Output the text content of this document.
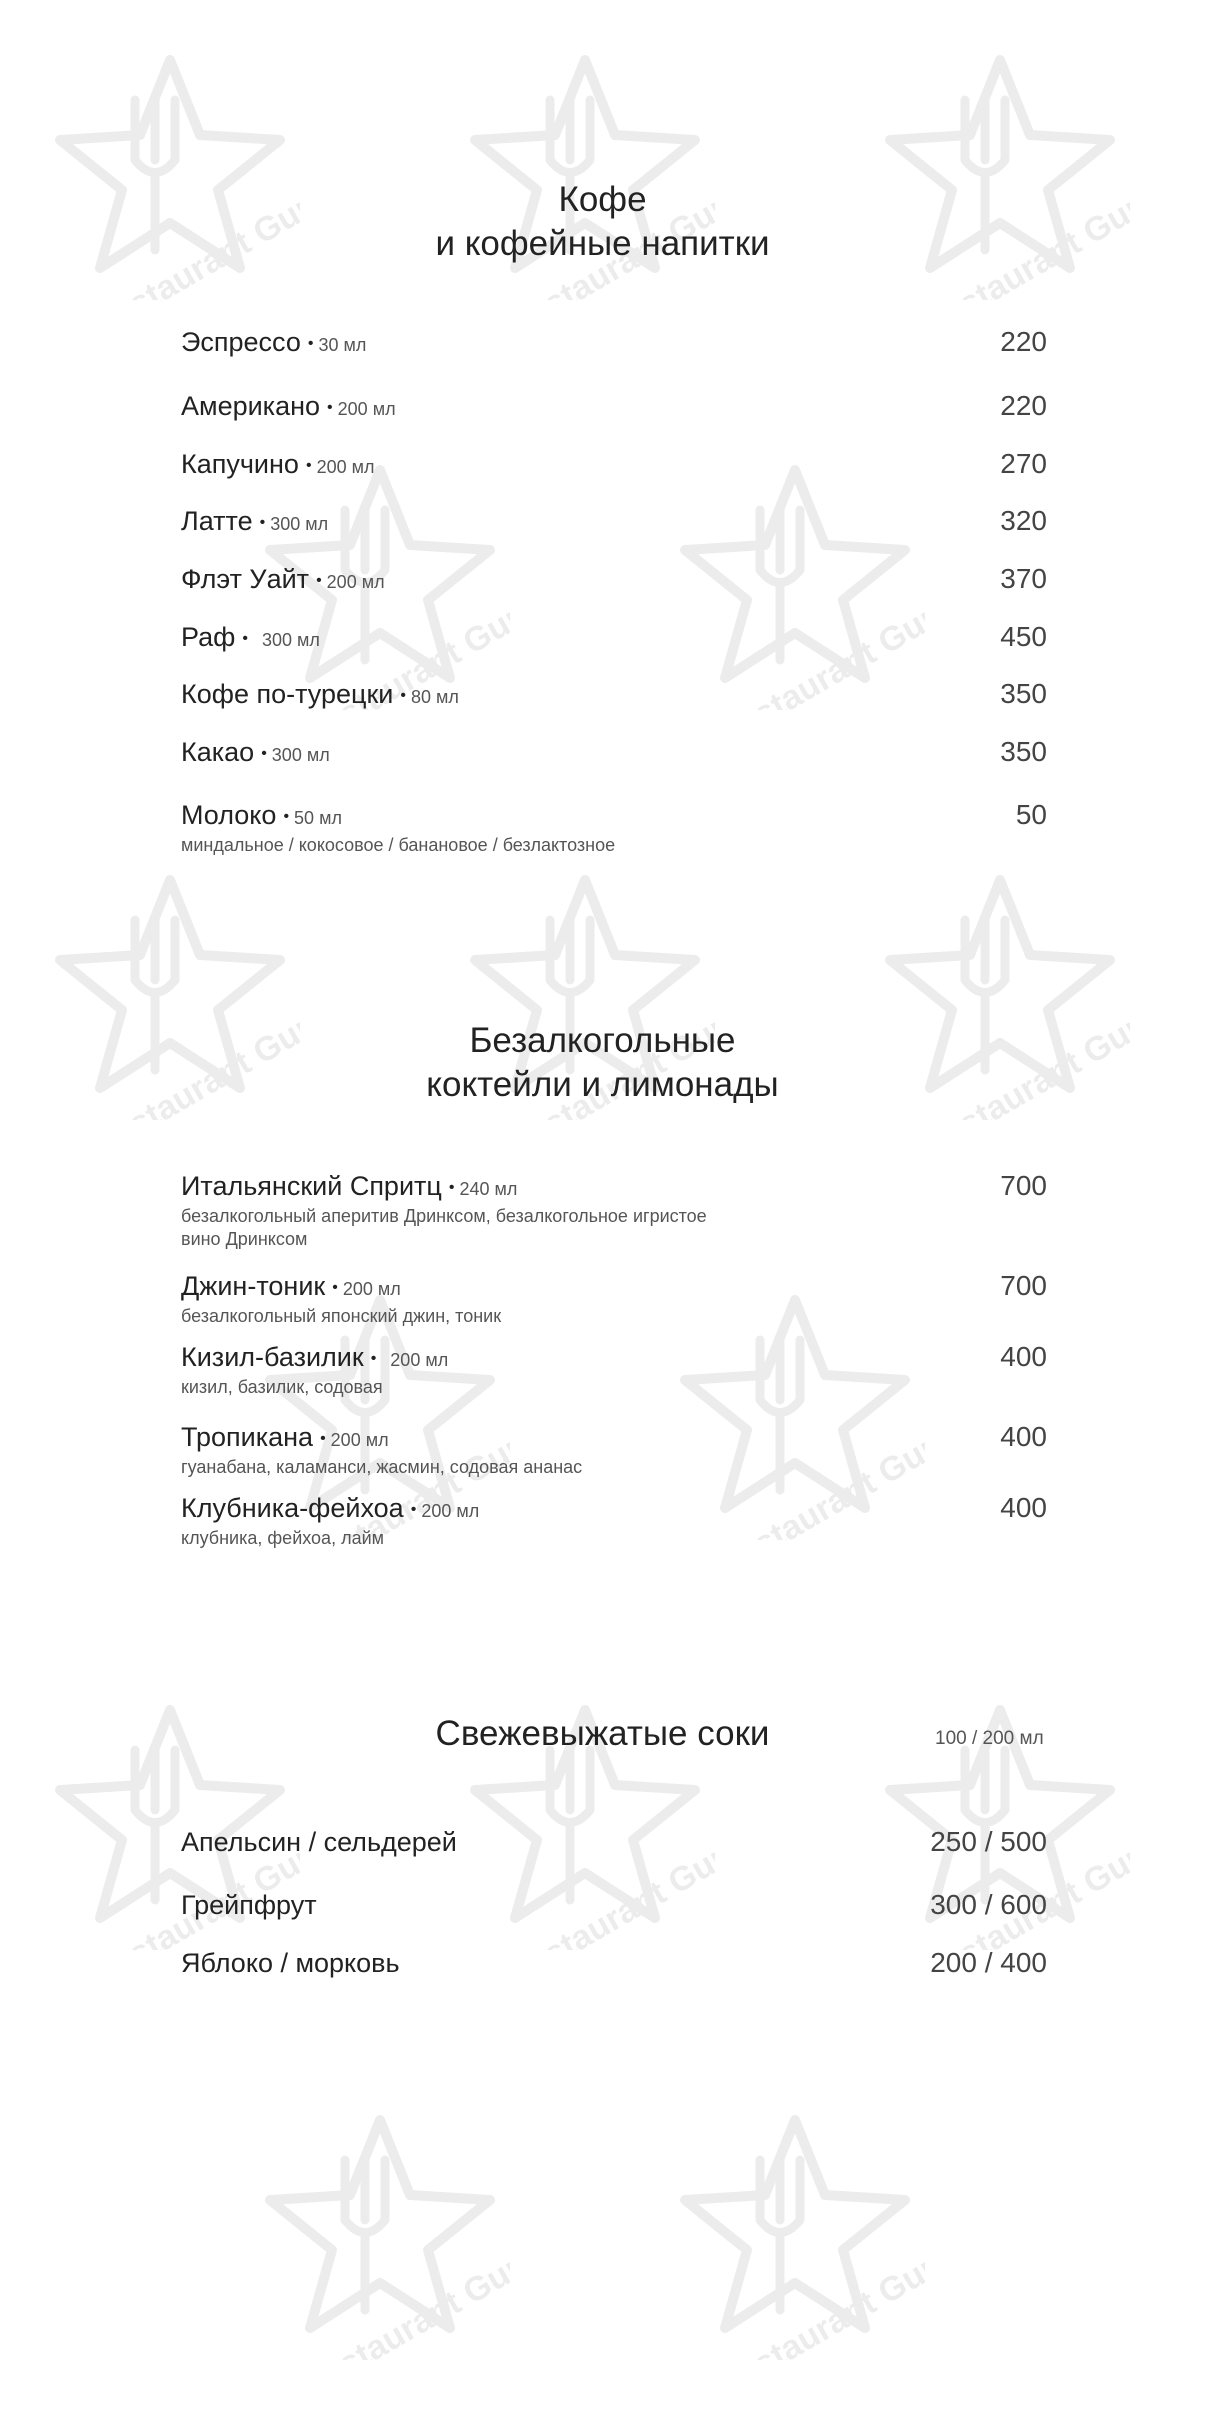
Restaurant Guru
Restaurant Guru
Restaurant Guru
Restaurant Guru
Restaurant Guru
Restaurant Guru
Restaurant Guru
Restaurant Guru
Restaurant Guru
Restaurant Guru
Restaurant Guru
Restaurant Guru
Restaurant Guru
Restaurant Guru
Restaurant Guru
Кофе
и кофейные напитки
Эспрессо • 30 мл	220
Американо • 200 мл	220
Капучино • 200 мл	270
Латте • 300 мл	320
Флэт Уайт • 200 мл	370
Раф • 300 мл	450
Кофе по-турецки • 80 мл	350
Какао • 300 мл	350
Молоко • 50 мл	50
миндальное / кокосовое / банановое / безлактозное
Безалкогольные
коктейли и лимонады
Итальянский Спритц • 240 мл	700
безалкогольный аперитив Дринксом, безалкогольное игристое вино Дринксом
Джин-тоник • 200 мл	700
безалкогольный японский джин, тоник
Кизил-базилик • 200 мл	400
кизил, базилик, содовая
Тропикана • 200 мл	400
гуанабана, каламанси, жасмин, содовая ананас
Клубника-фейхоа • 200 мл	400
клубника, фейхоа, лайм
Свежевыжатые соки	100 / 200 мл
Апельсин / сельдерей	250 / 500
Грейпфрут	300 / 600
Яблоко / морковь	200 / 400
